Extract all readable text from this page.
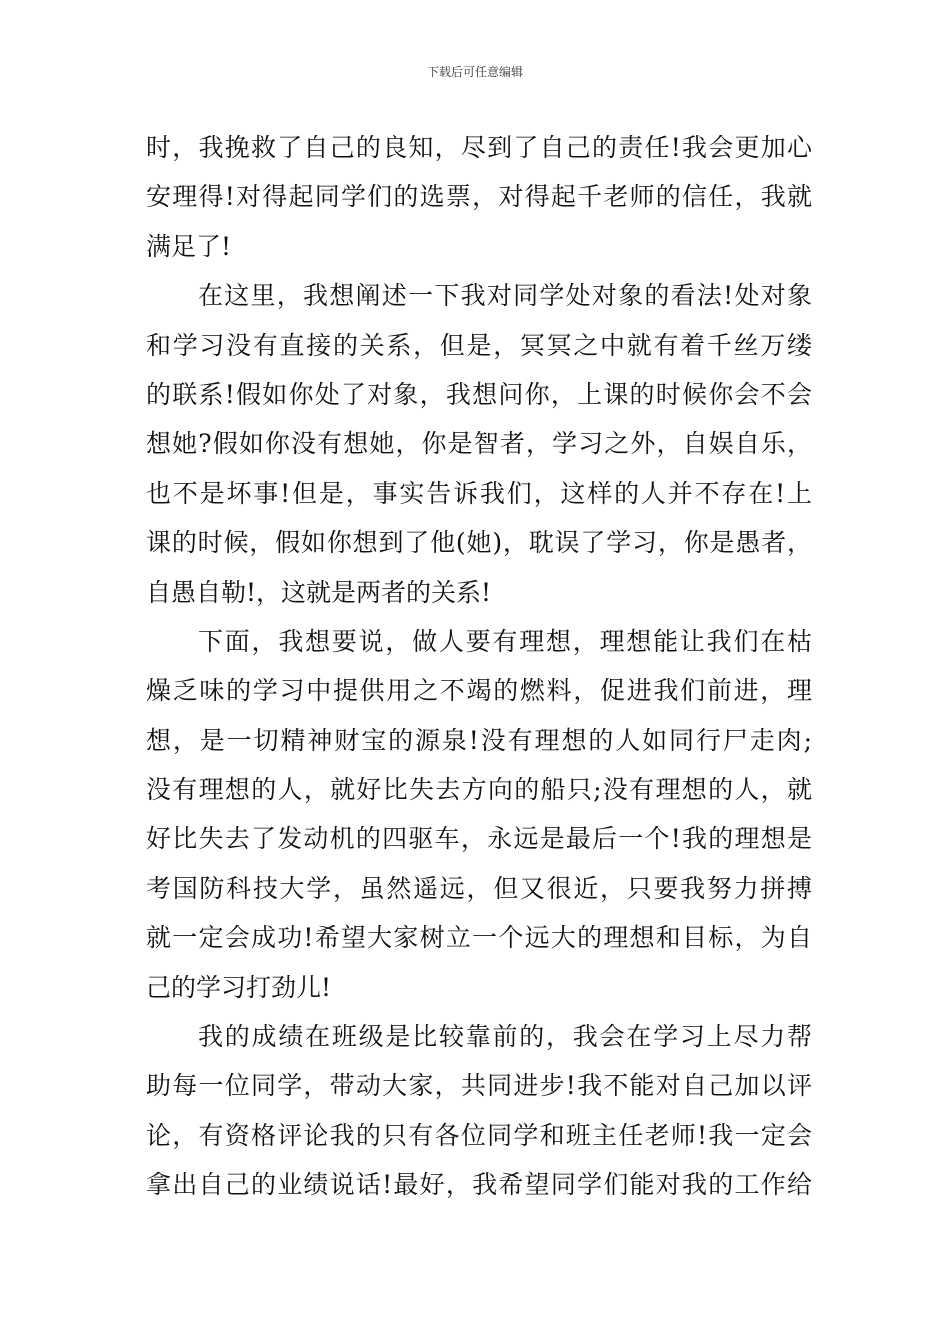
下载后可任意编辑
时，我挽救了自己的良知，尽到了自己的责任!我会更加心
安理得!对得起同学们的选票，对得起千老师的信任，我就
满足了!
在这里，我想阐述一下我对同学处对象的看法!处对象
和学习没有直接的关系，但是，冥冥之中就有着千丝万缕
的联系!假如你处了对象，我想问你，上课的时候你会不会
想她?假如你没有想她，你是智者，学习之外，自娱自乐，
也不是坏事!但是，事实告诉我们，这样的人并不存在!上
课的时候，假如你想到了他(她)，耽误了学习，你是愚者，
自愚自勒!，这就是两者的关系!
下面，我想要说，做人要有理想，理想能让我们在枯
燥乏味的学习中提供用之不竭的燃料，促进我们前进，理
想，是一切精神财宝的源泉!没有理想的人如同行尸走肉;
没有理想的人，就好比失去方向的船只;没有理想的人，就
好比失去了发动机的四驱车，永远是最后一个!我的理想是
考国防科技大学，虽然遥远，但又很近，只要我努力拼搏
就一定会成功!希望大家树立一个远大的理想和目标，为自
己的学习打劲儿!
我的成绩在班级是比较靠前的，我会在学习上尽力帮
助每一位同学，带动大家，共同进步!我不能对自己加以评
论，有资格评论我的只有各位同学和班主任老师!我一定会
拿出自己的业绩说话!最好，我希望同学们能对我的工作给
